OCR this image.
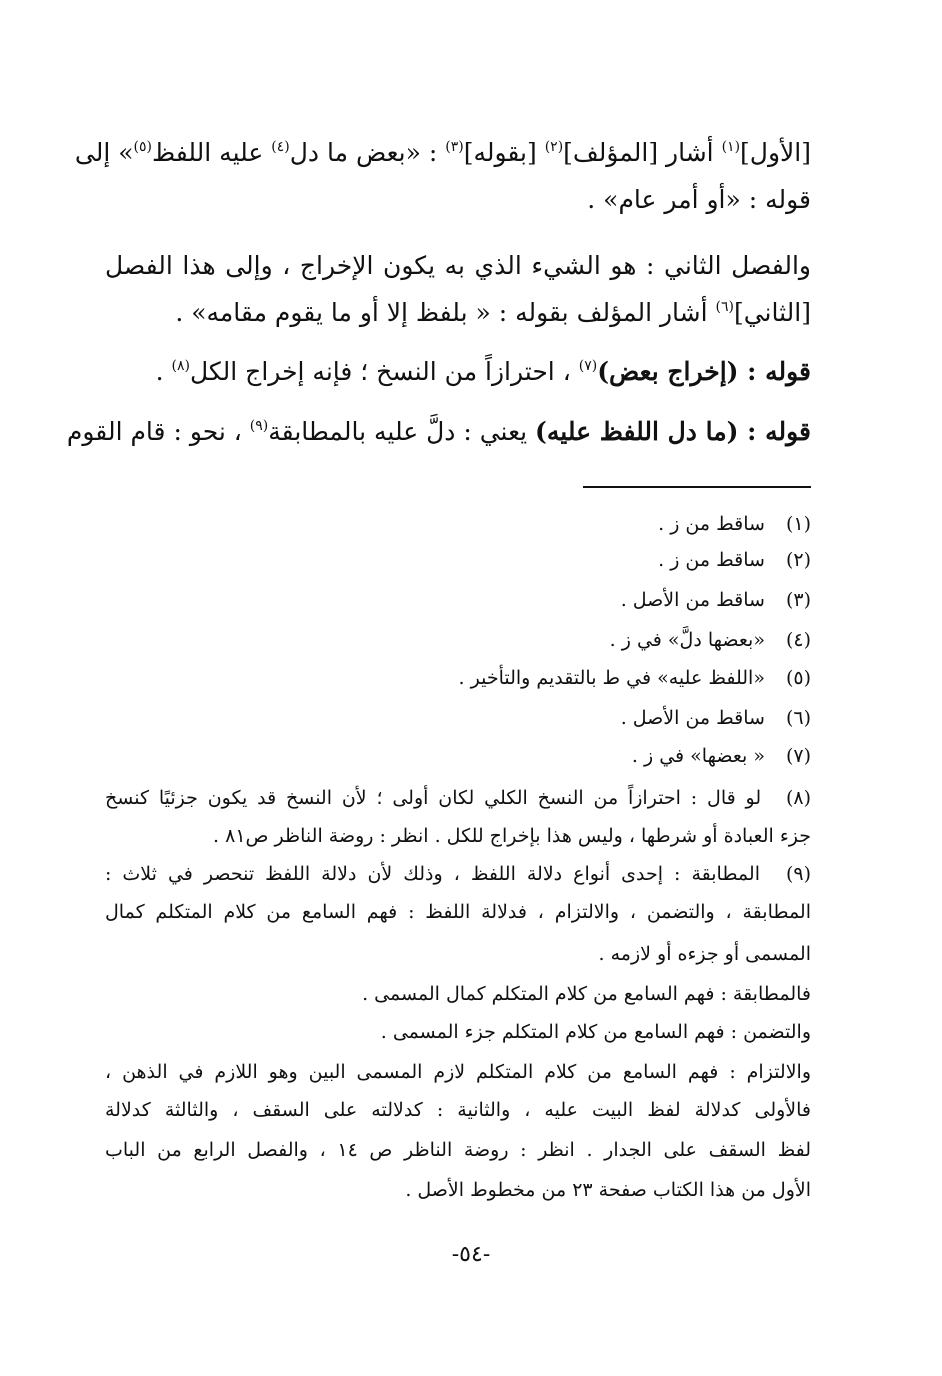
[الأول]$^{(١)}$ أشار [المؤلف]$^{(٢)}$ [بقوله]$^{(٣)}$ : «بعض ما دل$^{(٤)}$ عليه اللفظ$^{(٥)}$» إلى
قوله : «أو أمر عام» .
والفصل الثاني : هو الشيء الذي به يكون الإخراج ، وإلى هذا الفصل
[الثاني]$^{(٦)}$ أشار المؤلف بقوله : « بلفظ إلا أو ما يقوم مقامه» .
قوله : (إخراج بعض)$^{(٧)}$ ، احترازاً من النسخ ؛ فإنه إخراج الكل$^{(٨)}$ .
قوله : (ما دل اللفظ عليه) يعني : دلَّ عليه بالمطابقة$^{(٩)}$ ، نحو : قام القوم
(١) ساقط من ز .
(٢) ساقط من ز .
(٣) ساقط من الأصل .
(٤) «بعضها دلَّ» في ز .
(٥) «اللفظ عليه» في ط بالتقديم والتأخير .
(٦) ساقط من الأصل .
(٧) « بعضها» في ز .
(٨) لو قال : احترازاً من النسخ الكلي لكان أولى ؛ لأن النسخ قد يكون جزئيًا كنسخ
جزء العبادة أو شرطها ، وليس هذا بإخراج للكل . انظر : روضة الناظر ص٨١ .
(٩) المطابقة : إحدى أنواع دلالة اللفظ ، وذلك لأن دلالة اللفظ تنحصر في ثلاث :
المطابقة ، والتضمن ، والالتزام ، فدلالة اللفظ : فهم السامع من كلام المتكلم كمال
المسمى أو جزءه أو لازمه .
فالمطابقة : فهم السامع من كلام المتكلم كمال المسمى .
والتضمن : فهم السامع من كلام المتكلم جزء المسمى .
والالتزام : فهم السامع من كلام المتكلم لازم المسمى البين وهو اللازم في الذهن ،
فالأولى كدلالة لفظ البيت عليه ، والثانية : كدلالته على السقف ، والثالثة كدلالة
لفظ السقف على الجدار . انظر : روضة الناظر ص ١٤ ، والفصل الرابع من الباب
الأول من هذا الكتاب صفحة ٢٣ من مخطوط الأصل .
-٥٤-
